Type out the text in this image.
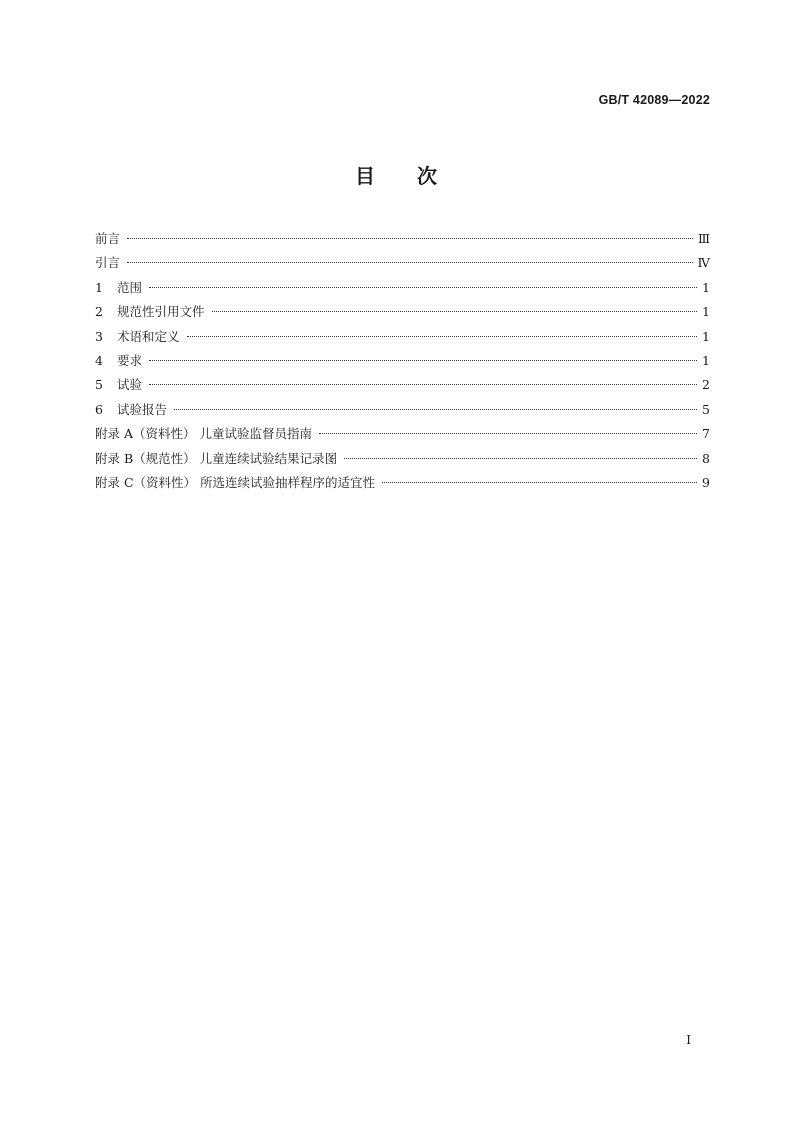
GB/T 42089—2022
目 次
前言	Ⅲ
引言	Ⅳ
1	范围	1
2	规范性引用文件	1
3	术语和定义	1
4	要求	1
5	试验	2
6	试验报告	5
附录 A（资料性） 儿童试验监督员指南	7
附录 B（规范性） 儿童连续试验结果记录图	8
附录 C（资料性） 所选连续试验抽样程序的适宜性	9
Ⅰ
